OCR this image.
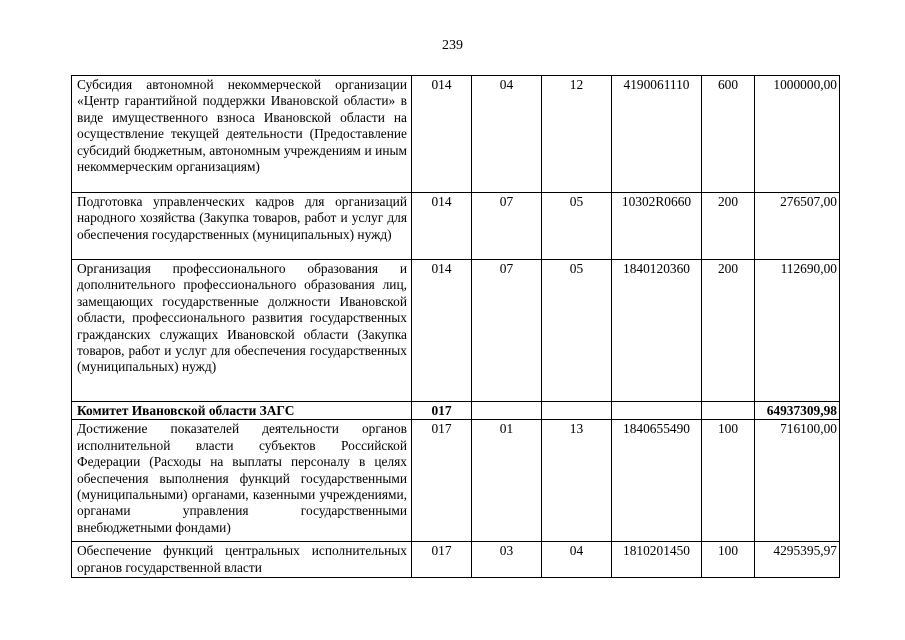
239
Субсидия автономной некоммерческой организации «Центр гарантийной поддержки Ивановской области» в виде имущественного взноса Ивановской области на осуществление текущей деятельности (Предоставление субсидий бюджетным, автономным учреждениям и иным некоммерческим организациям)	014	04	12	4190061110	600	1000000,00
Подготовка управленческих кадров для организаций народного хозяйства (Закупка товаров, работ и услуг для обеспечения государственных (муниципальных) нужд)	014	07	05	10302R0660	200	276507,00
Организация профессионального образования и дополнительного профессионального образования лиц, замещающих государственные должности Ивановской области, профессионального развития государственных гражданских служащих Ивановской области (Закупка товаров, работ и услуг для обеспечения государственных (муниципальных) нужд)	014	07	05	1840120360	200	112690,00
Комитет Ивановской области ЗАГС	017					64937309,98
Достижение показателей деятельности органов исполнительной власти субъектов Российской Федерации (Расходы на выплаты персоналу в целях обеспечения выполнения функций государственными (муниципальными) органами, казенными учреждениями, органами управления государственными внебюджетными фондами)	017	01	13	1840655490	100	716100,00
Обеспечение функций центральных исполнительных органов государственной власти	017	03	04	1810201450	100	4295395,97
